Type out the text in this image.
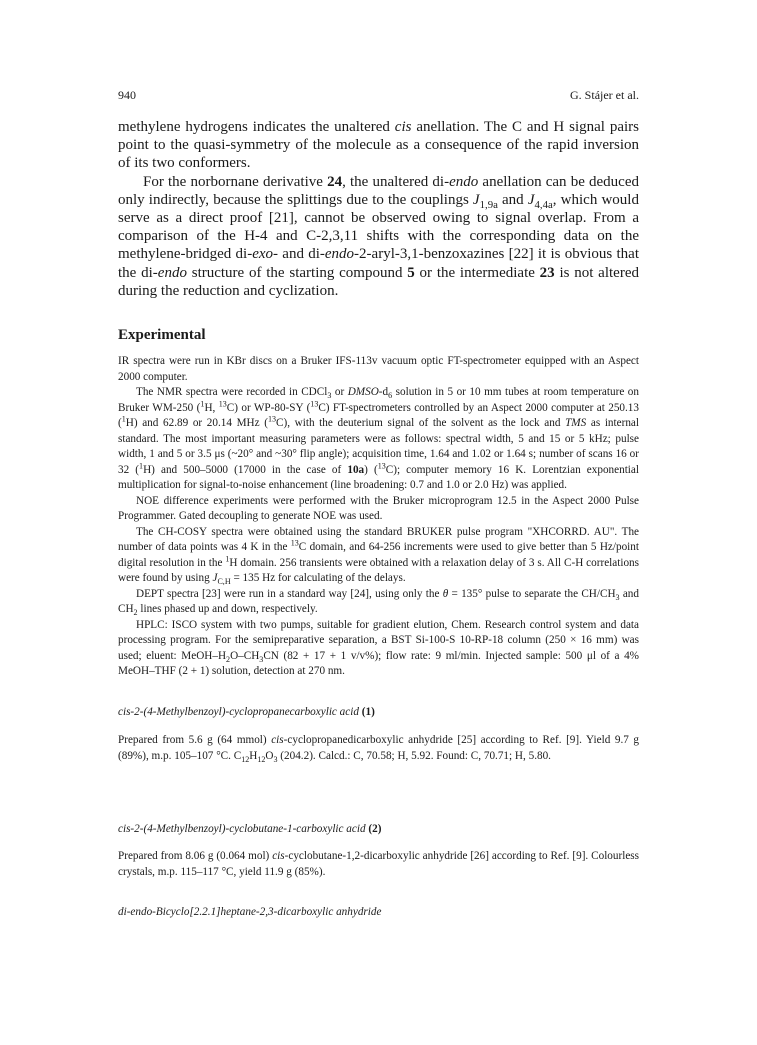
940	G. Stájer et al.

methylene hydrogens indicates the unaltered cis anellation. The C and H signal pairs point to the quasi-symmetry of the molecule as a consequence of the rapid inversion of its two conformers.

For the norbornane derivative 24, the unaltered di-endo anellation can be deduced only indirectly, because the splittings due to the couplings $J_{1,9a}$ and $J_{4,4a}$, which would serve as a direct proof [21], cannot be observed owing to signal overlap. From a comparison of the H-4 and C-2,3,11 shifts with the corresponding data on the methylene-bridged di-exo- and di-endo-2-aryl-3,1-benzoxazines [22] it is obvious that the di-endo structure of the starting compound 5 or the intermediate 23 is not altered during the reduction and cyclization.

Experimental

IR spectra were run in KBr discs on a Bruker IFS-113v vacuum optic FT-spectrometer equipped with an Aspect 2000 computer.

The NMR spectra were recorded in CDCl$_3$ or DMSO-$d_6$ solution in 5 or 10 mm tubes at room temperature on Bruker WM-250 ($^1$H, $^{13}$C) or WP-80-SY ($^{13}$C) FT-spectrometers controlled by an Aspect 2000 computer at 250.13 ($^1$H) and 62.89 or 20.14 MHz ($^{13}$C), with the deuterium signal of the solvent as the lock and TMS as internal standard. The most important measuring parameters were as follows: spectral width, 5 and 15 or 5 kHz; pulse width, 1 and 5 or 3.5 μs (~20° and ~30° flip angle); acquisition time, 1.64 and 1.02 or 1.64 s; number of scans 16 or 32 ($^1$H) and 500–5000 (17000 in the case of 10a) ($^{13}$C); computer memory 16 K. Lorentzian exponential multiplication for signal-to-noise enhancement (line broadening: 0.7 and 1.0 or 2.0 Hz) was applied.

NOE difference experiments were performed with the Bruker microprogram 12.5 in the Aspect 2000 Pulse Programmer. Gated decoupling to generate NOE was used.

The CH-COSY spectra were obtained using the standard BRUKER pulse program "XHCORRD. AU". The number of data points was 4 K in the $^{13}$C domain, and 64-256 increments were used to give better than 5 Hz/point digital resolution in the $^1$H domain. 256 transients were obtained with a relaxation delay of 3 s. All C-H correlations were found by using $J_{C,H} = 135$ Hz for calculating of the delays.

DEPT spectra [23] were run in a standard way [24], using only the θ = 135° pulse to separate the $CH/CH_3$ and $CH_2$ lines phased up and down, respectively.

HPLC: ISCO system with two pumps, suitable for gradient elution, Chem. Research control system and data processing program. For the semipreparative separation, a BST Si-100-S 10-RP-18 column (250 × 16 mm) was used; eluent: MeOH–$H_2O-CH_3CN$ (82 + 17 + 1 v/v%); flow rate: 9 ml/min. Injected sample: 500 μl of a 4% MeOH–THF (2 + 1) solution, detection at 270 nm.

cis-2-(4-Methylbenzoyl)-cyclopropanecarboxylic acid (1)

Prepared from 5.6 g (64 mmol) cis-cyclopropanedicarboxylic anhydride [25] according to Ref. [9]. Yield 9.7 g (89%), m.p. 105–107 °C. $C_{12}H_{12}O_3$ (204.2). Calcd.: C, 70.58; H, 5.92. Found: C, 70.71; H, 5.80.

cis-2-(4-Methylbenzoyl)-cyclobutane-1-carboxylic acid (2)

Prepared from 8.06 g (0.064 mol) cis-cyclobutane-1,2-dicarboxylic anhydride [26] according to Ref. [9]. Colourless crystals, m.p. 115–117 °C, yield 11.9 g (85%).

di-endo-Bicyclo[2.2.1]heptane-2,3-dicarboxylic anhydride
